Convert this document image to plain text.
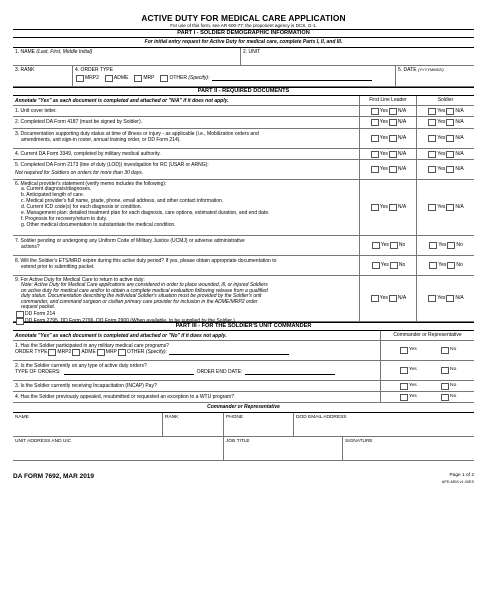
ACTIVE DUTY FOR MEDICAL CARE APPLICATION
For use of this form, see AR 600-77; the proponent agency is DCS, G-1.
PART I - SOLDIER DEMOGRAPHIC INFORMATION
For initial entry request for Active Duty for medical care, complete Parts I, II, and III.
1. NAME (Last, First, Middle Initial)	2. UNIT
3. RANK	4. ORDER TYPE
MRP2	ADME	MRP	OTHER
(Specify):
5. DATE (YYYYMMDD)
PART II - REQUIRED DOCUMENTS
Annotate "Yes" as each document is completed and attached or "N/A" if it does not apply.	First Line Leader	Soldier
1. Unit cover letter.	Yes N/A	Yes N/A
2. Completed DA Form 4187 (must be signed by Soldier).	Yes N/A	Yes N/A
3. Documentation supporting duty status at time of illness or injury - as applicable (i.e., Mobilization orders and
amendments, unit sign-in roster, annual training order, or DD Form 214).	Yes N/A	Yes N/A
4. Current DA Form 3349, completed by military medical authority.	Yes N/A	Yes N/A
5. Completed DA Form 2173 (line of duty (LOD)) investigation for RC (USAR or ARNG):
Not required for Soldiers on orders for more than 30 days.
Yes N/A	Yes N/A
6. Medical provider's statement (verify memo includes the following):
a. Current diagnosis/diagnoses.
b. Anticipated length of care.
c. Medical provider's full name, grade, phone, email address, and other contact information.
d. Current ICD code(s) for each diagnosis or condition.
e. Management plan: detailed treatment plan for each diagnosis, care options, estimated duration, and end date.
f. Prognosis for recovery/return to duty.
g. Other medical documentation to substantiate the medical condition.
Yes N/A	Yes N/A
7. Soldier pending or undergoing any Uniform Code of Military Justice (UCMJ) or adverse administrative
actions?	Yes No	Yes No
8. Will the Soldier's ETS/MRD expire during this active duty period? If yes, please obtain appropriate documentation to
extend prior to submitting packet.	Yes No	Yes No
9. For Active Duty for Medical Care to return to active duty:
Note: Active Duty for Medical Care applications are considered in order to place wounded, ill, or injured Soldiers
on active duty for medical care and/or to obtain a complete medical evaluation following release from a qualified
duty status. Documentation describing the individual Soldier's situation must be provided by the Soldier's unit
commander, and command surgeon or civilian primary care provider for inclusion in the ADME/MRP2 order
request packet.
DD Form 214
DD Form 2795, DD Form 2796, DD Form 2900 (When available, to be supplied by the Soldier.)
Yes N/A	Yes N/A
PART III - FOR THE SOLDIER'S UNIT COMMANDER
Annotate "Yes" as each document is completed and attached or "No" if it does not apply.	Commander or Representative
1. Has the Soldier participated in any military medical care programs?
ORDER TYPE MRP2 ADME MRP OTHER
(Specify):	Yes	No
2. Is the Soldier currently on any type of active duty orders?
TYPE OF ORDERS:	ORDER END DATE:	Yes	No
3. Is the Soldier currently receiving Incapacitation (INCAP) Pay?	Yes	No
4. Has the Soldier previously appealed, resubmitted or requested an exception to a WTU program?	Yes	No
Commander or Representative
NAME	RANK	PHONE	DOD EMAIL ADDRESS
UNIT ADDRESS AND UIC	JOB TITLE	SIGNATURE
DA FORM 7692, MAR 2019	Page 1 of 2
APD AEM v1.00ES
